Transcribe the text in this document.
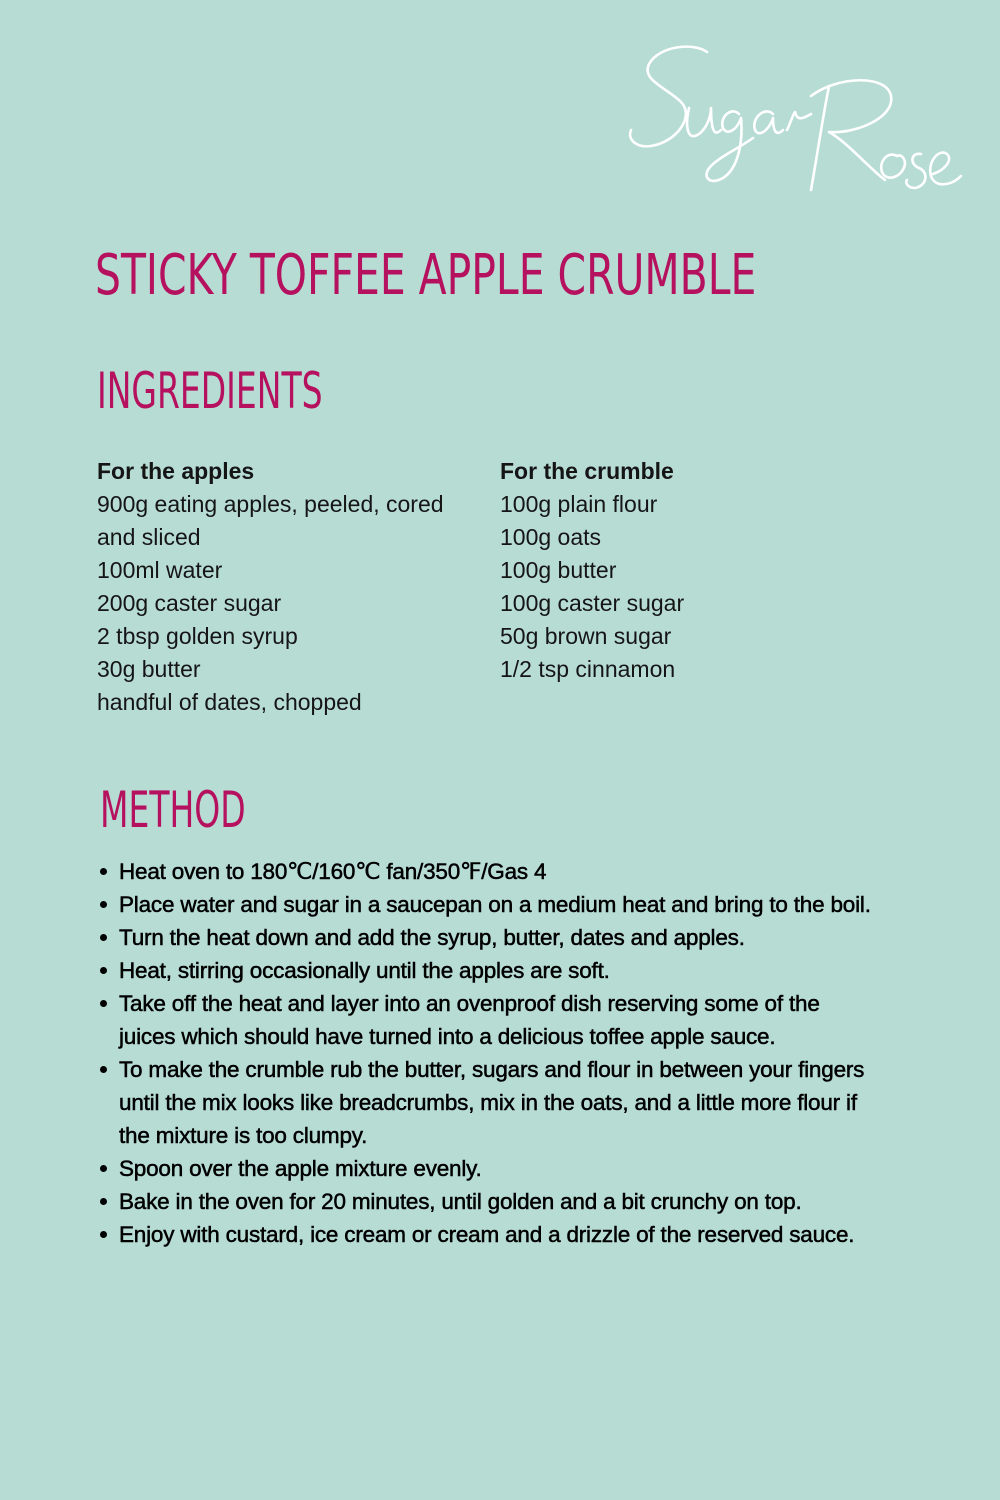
STICKY TOFFEE APPLE CRUMBLE
INGREDIENTS
For the apples
900g eating apples, peeled, cored and sliced
100ml water
200g caster sugar
2 tbsp golden syrup
30g butter
handful of dates, chopped
For the crumble
100g plain flour
100g oats
100g butter
100g caster sugar
50g brown sugar
1/2 tsp cinnamon
METHOD
Heat oven to 180℃/160℃ fan/350℉/Gas 4
Place water and sugar in a saucepan on a medium heat and bring to the boil.
Turn the heat down and add the syrup, butter, dates and apples.
Heat, stirring occasionally until the apples are soft.
Take off the heat and layer into an ovenproof dish reserving some of the juices which should have turned into a delicious toffee apple sauce.
To make the crumble rub the butter, sugars and flour in between your fingers until the mix looks like breadcrumbs, mix in the oats, and a little more flour if the mixture is too clumpy.
Spoon over the apple mixture evenly.
Bake in the oven for 20 minutes, until golden and a bit crunchy on top.
Enjoy with custard, ice cream or cream and a drizzle of the reserved sauce.
